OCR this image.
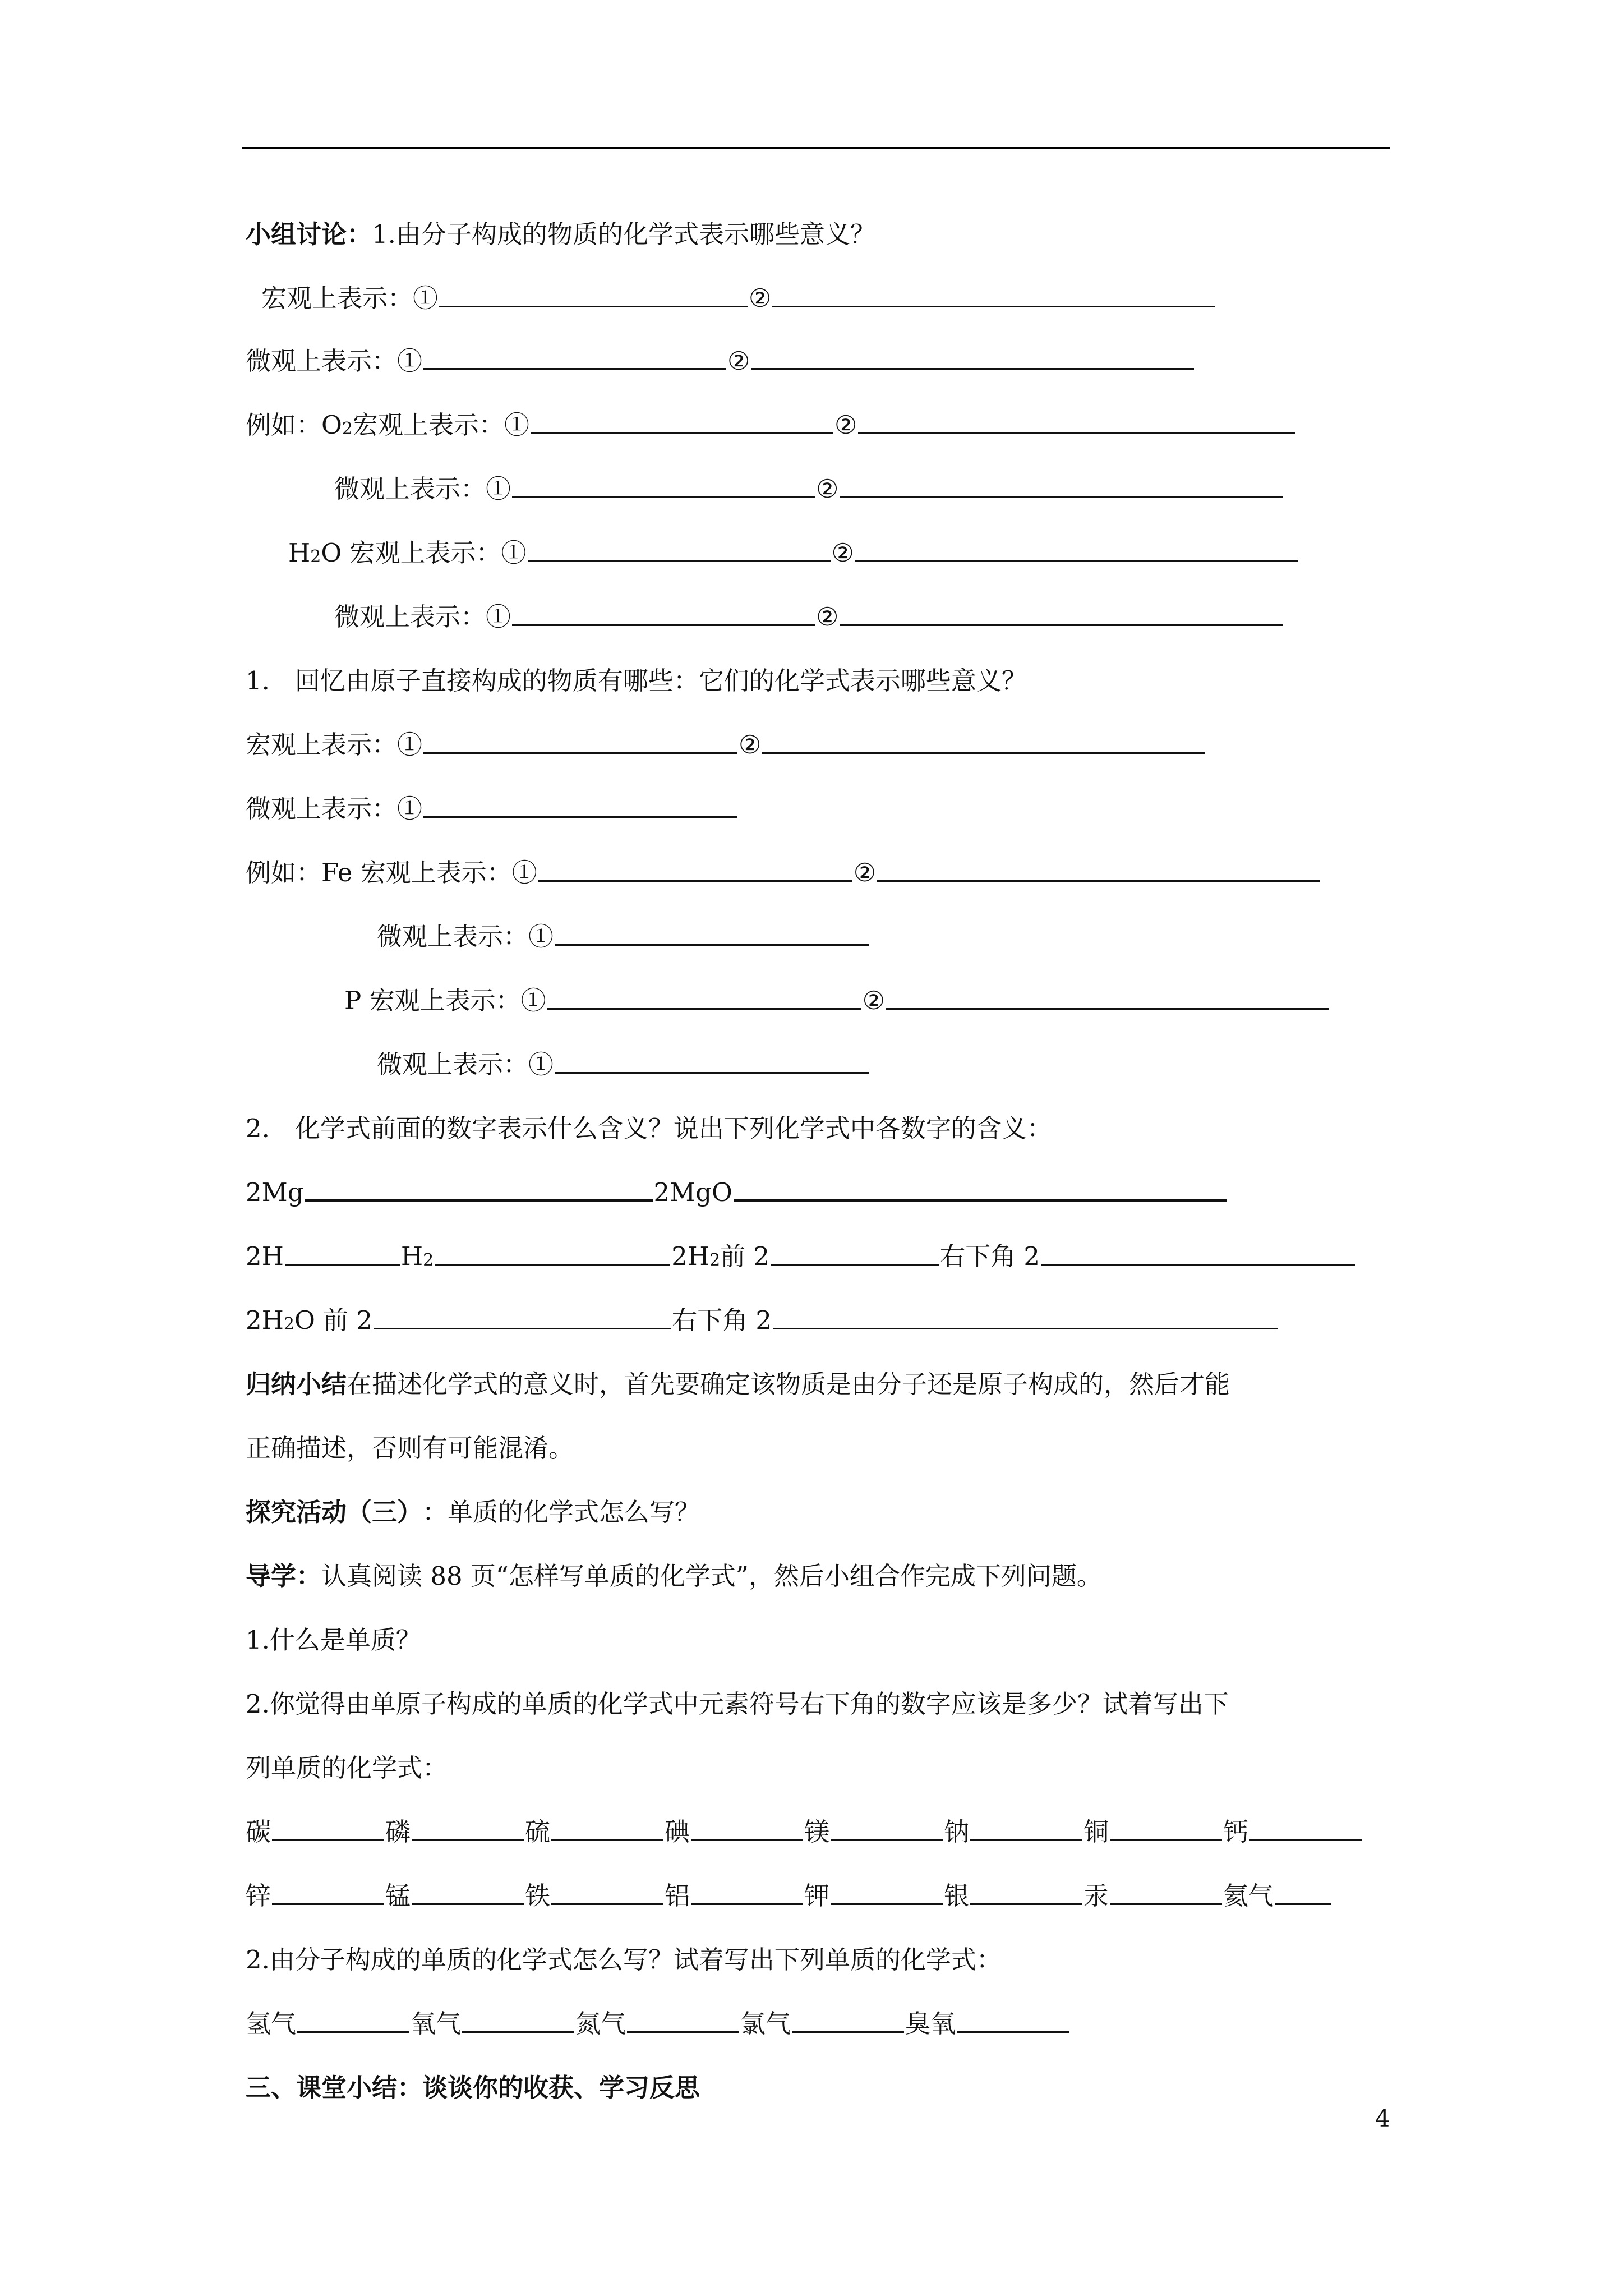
小组讨论： 1.由分子构成的物质的化学式表示哪些意义？
宏观上表示：①	②
微观上表示：①	②
例如： O 2 宏观上表示：①	②
微观上表示：①	②
H 2 O 宏观上表示：①	②
微观上表示：①	②
1.　回忆由原子直接构成的物质有哪些：它们的化学式表示哪些意义？
宏观上表示：①	②
微观上表示：①
例如：Fe 宏观上表示：①	②
微观上表示：①
P 宏观上表示：①	②
微观上表示：①
2.　化学式前面的数字表示什么含义？说出下列化学式中各数字的含义：
2Mg	2MgO
2H	H 2	2H 2 前 2	右下角 2
2H 2 O 前 2	右下角 2
归纳小结 在描述化学式的意义时，首先要确定该物质是由分子还是原子构成的，然后才能
正确描述，否则有可能混淆。
探究活动（三） ：单质的化学式怎么写？
导学： 认真阅读 88 页“怎样写单质的化学式”，然后小组合作完成下列问题。
1.什么是单质？
2.你觉得由单原子构成的单质的化学式中元素符号右下角的数字应该是多少？试着写出下
列单质的化学式：
碳	磷	硫	碘	镁	钠	铜	钙
锌	锰	铁	铝	钾	银	汞	氦气
2.由分子构成的单质的化学式怎么写？试着写出下列单质的化学式：
氢气	氧气	氮气	氯气	臭氧
三、课堂小结：谈谈你的收获、学习反思
4
